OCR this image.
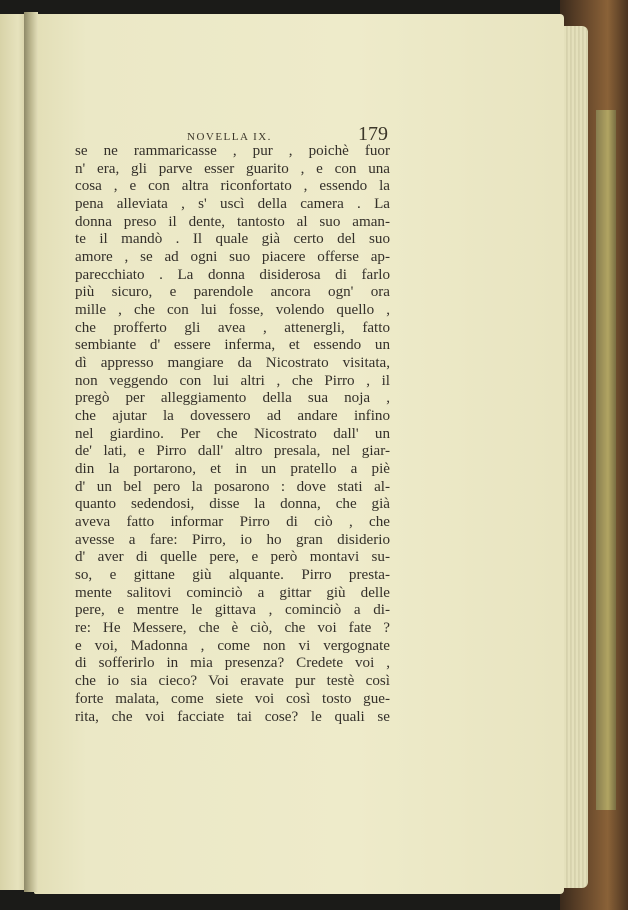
NOVELLA IX.	179
se ne rammaricasse , pur , poichè fuor
n' era, gli parve esser guarito , e con una
cosa , e con altra riconfortato , essendo la
pena alleviata , s' uscì della camera . La
donna preso il dente, tantosto al suo aman-
te il mandò . Il quale già certo del suo
amore , se ad ogni suo piacere offerse ap-
parecchiato . La donna disiderosa di farlo
più sicuro, e parendole ancora ogn' ora
mille , che con lui fosse, volendo quello ,
che profferto gli avea , attenergli, fatto
sembiante d' essere inferma, et essendo un
dì appresso mangiare da Nicostrato visitata,
non veggendo con lui altri , che Pirro , il
pregò per alleggiamento della sua noja ,
che ajutar la dovessero ad andare infino
nel giardino. Per che Nicostrato dall' un
de' lati, e Pirro dall' altro presala, nel giar-
din la portarono, et in un pratello a piè
d' un bel pero la posarono : dove stati al-
quanto sedendosi, disse la donna, che già
aveva fatto informar Pirro di ciò , che
avesse a fare: Pirro, io ho gran disiderio
d' aver di quelle pere, e però montavi su-
so, e gittane giù alquante. Pirro presta-
mente salitovi cominciò a gittar giù delle
pere, e mentre le gittava , cominciò a di-
re: He Messere, che è ciò, che voi fate ?
e voi, Madonna , come non vi vergognate
di sofferirlo in mia presenza? Credete voi ,
che io sia cieco? Voi eravate pur testè così
forte malata, come siete voi così tosto gue-
rita, che voi facciate tai cose? le quali se
